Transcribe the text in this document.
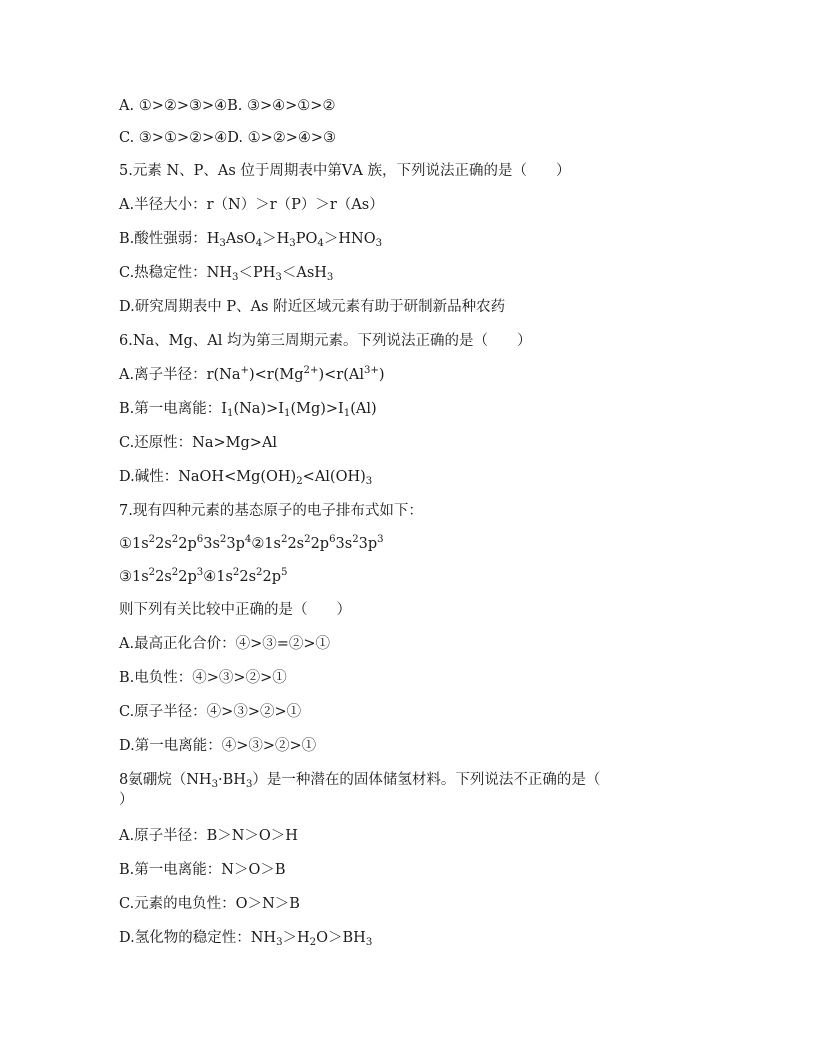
A. ①>②>③>④B. ③>④>①>②
C. ③>①>②>④D. ①>②>④>③
5.元素 N、P、As 位于周期表中第ⅤA 族，下列说法正确的是（　　）
A.半径大小：r（N）＞r（P）＞r（As）
B.酸性强弱：$H_3AsO_4>H_3PO_4>HNO_3$
C.热稳定性：$NH_3<PH_3<AsH_3$
D.研究周期表中 P、As 附近区域元素有助于研制新品种农药
6.Na、Mg、Al 均为第三周期元素。下列说法正确的是（　　）
A.离子半径：$r(Na^+)<r(Mg^{2+})<r(Al^{3+})$
B.第一电离能：$I_1(Na)>I_1(Mg)>I_1(Al)$
C.还原性：Na>Mg>Al
D.碱性：$NaOH<Mg(OH)_2<Al(OH)_3$
7.现有四种元素的基态原子的电子排布式如下：
$①1s^22s^22p^63s^23p^4②1s^22s^22p^63s^23p^3$
$③1s^22s^22p^3④1s^22s^22p^5$
则下列有关比较中正确的是（　　）
A.最高正化合价：④>③=②>①
B.电负性：④>③>②>①
C.原子半径：④>③>②>①
D.第一电离能：④>③>②>①
8氨硼烷$(NH_3\cdot BH_3)$是一种潜在的固体储氢材料。下列说法不正确的是（
）
A.原子半径：B＞N＞O＞H
B.第一电离能：N＞O＞B
C.元素的电负性：O＞N＞B
D.氢化物的稳定性：$NH_3>H_2O>BH_3$
